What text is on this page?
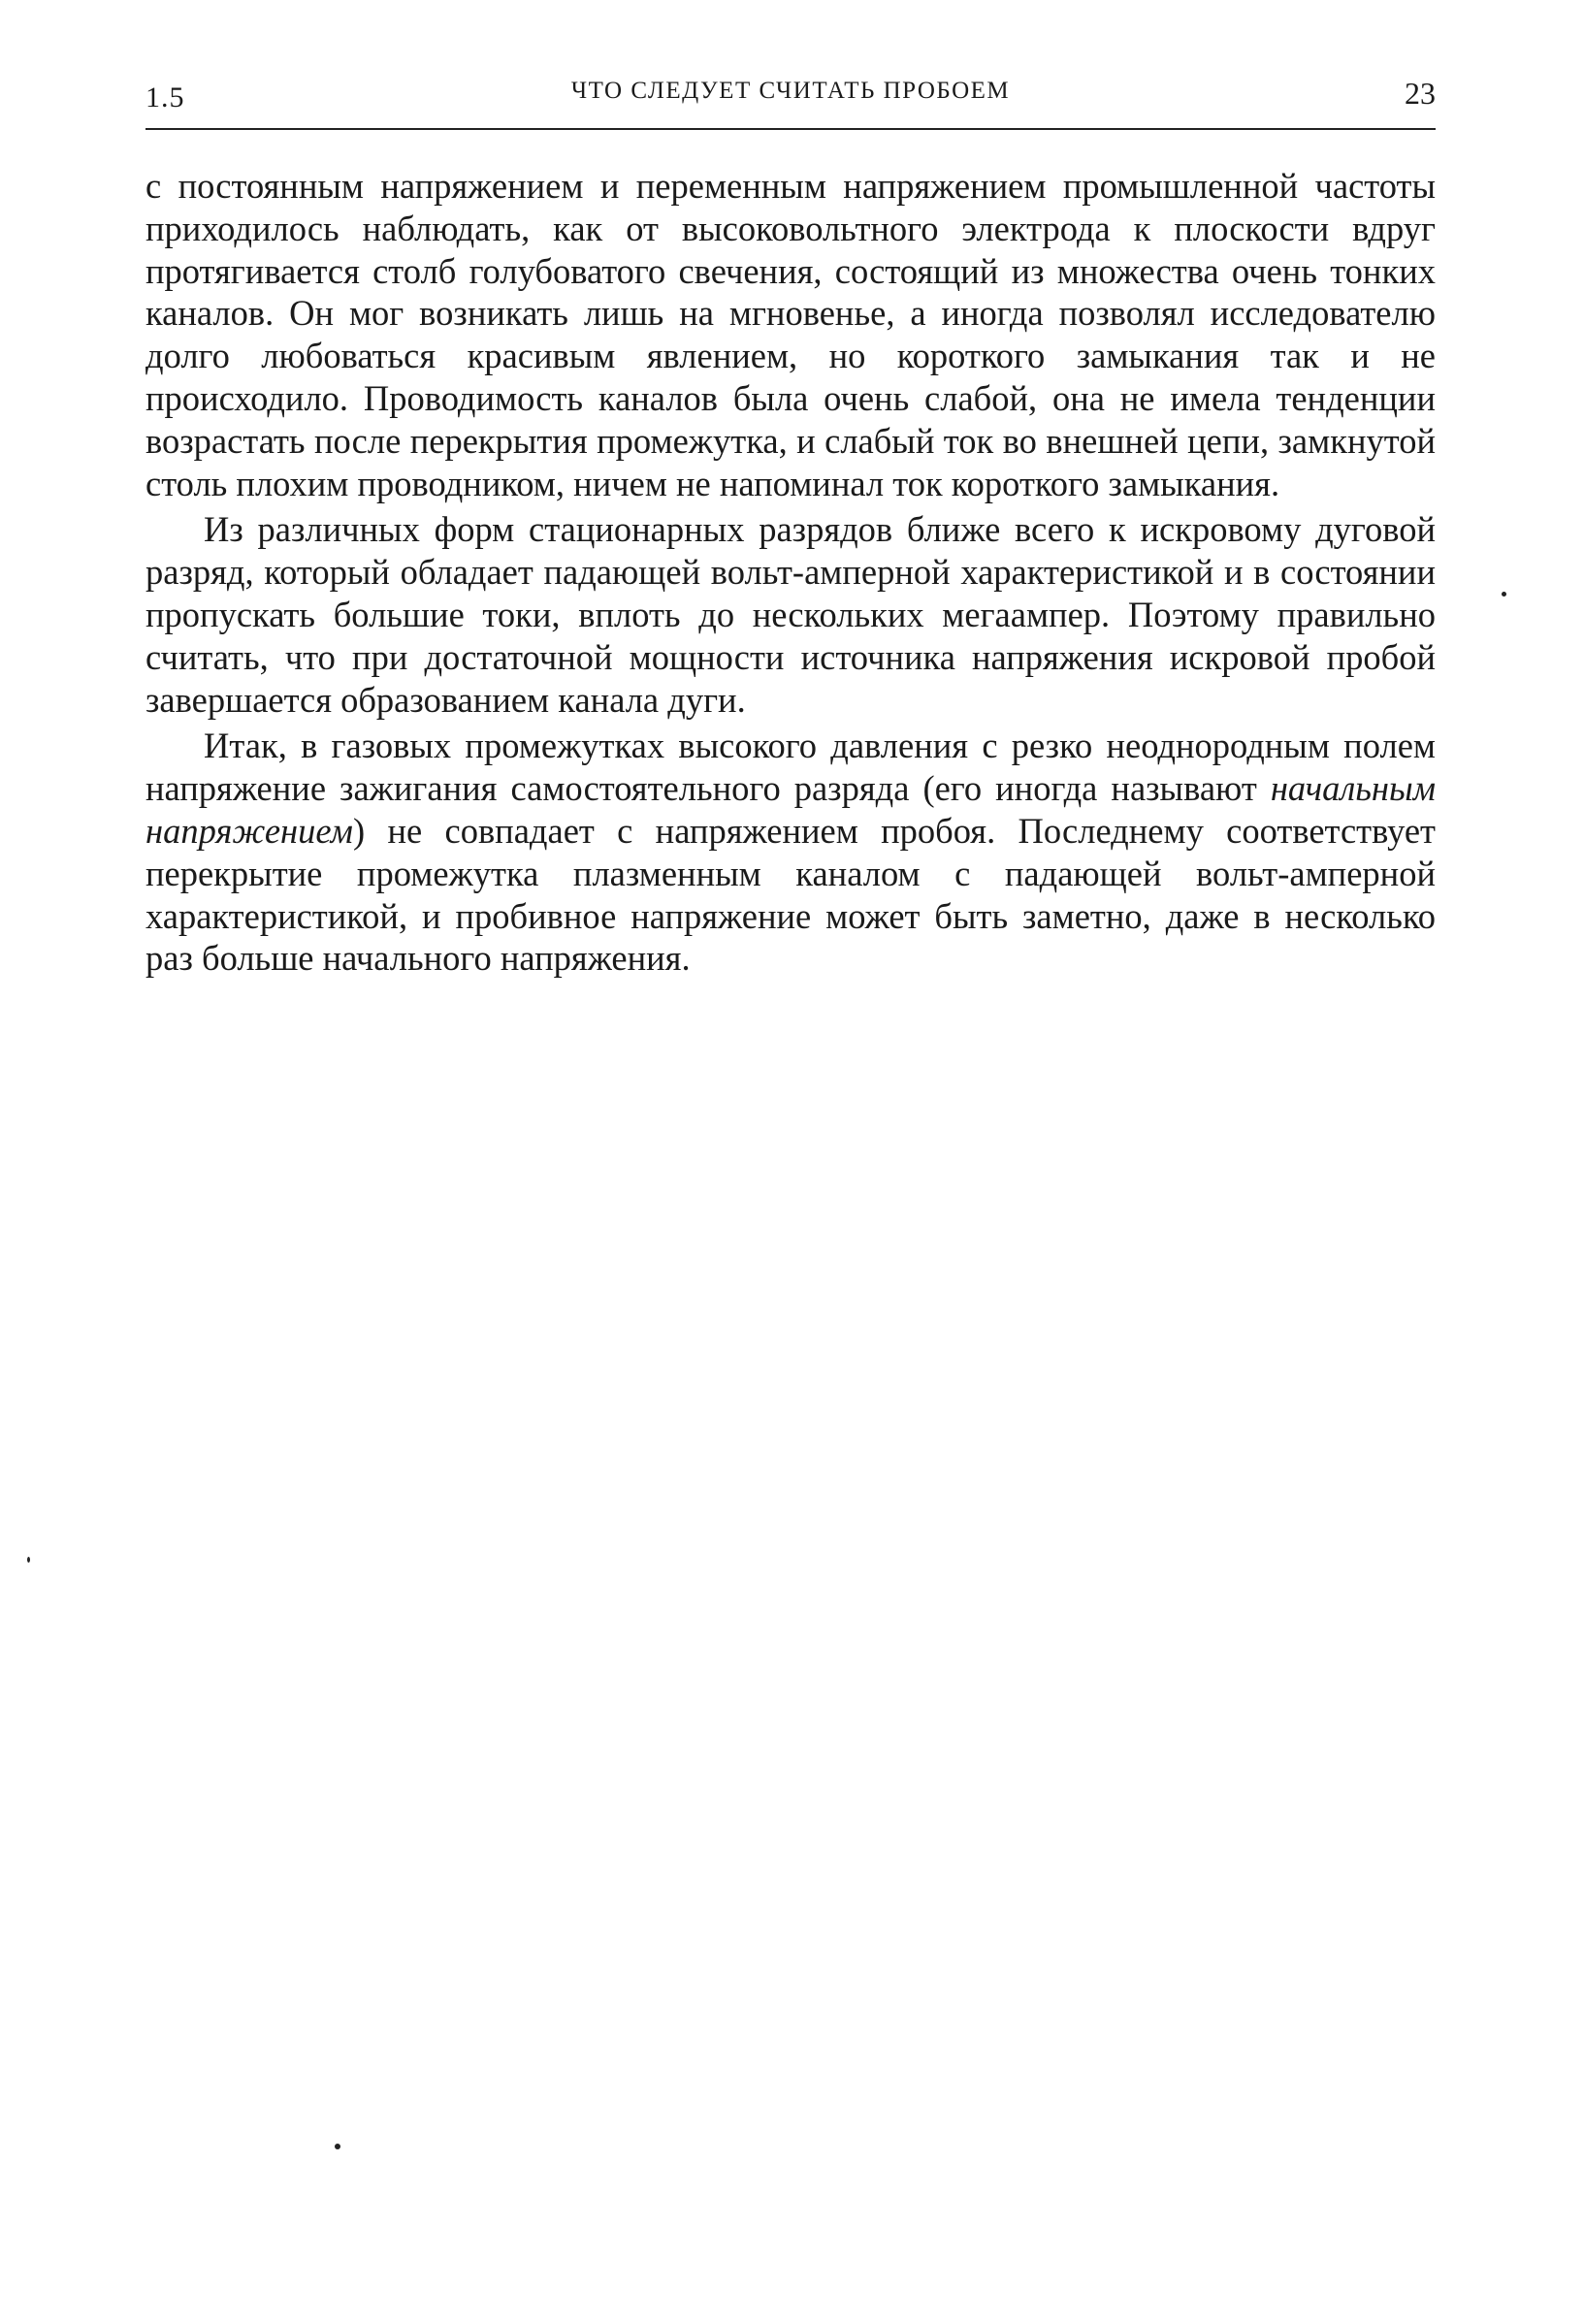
1.5	ЧТО СЛЕДУЕТ СЧИТАТЬ ПРОБОЕМ	23

с постоянным напряжением и переменным напряжением промышленной частоты приходилось наблюдать, как от высоковольтного электрода к плоскости вдруг протягивается столб голубоватого свечения, состоящий из множества очень тонких каналов. Он мог возникать лишь на мгновенье, а иногда позволял исследователю долго любоваться красивым явлением, но короткого замыкания так и не происходило. Проводимость каналов была очень слабой, она не имела тенденции возрастать после перекрытия промежутка, и слабый ток во внешней цепи, замкнутой столь плохим проводником, ничем не напоминал ток короткого замыкания.

Из различных форм стационарных разрядов ближе всего к искровому дуговой разряд, который обладает падающей вольт-амперной характеристикой и в состоянии пропускать большие токи, вплоть до нескольких мегаампер. Поэтому правильно считать, что при достаточной мощности источника напряжения искровой пробой завершается образованием канала дуги.

Итак, в газовых промежутках высокого давления с резко неоднородным полем напряжение зажигания самостоятельного разряда (его иногда называют начальным напряжением) не совпадает с напряжением пробоя. Последнему соответствует перекрытие промежутка плазменным каналом с падающей вольт-амперной характеристикой, и пробивное напряжение может быть заметно, даже в несколько раз больше начального напряжения.
